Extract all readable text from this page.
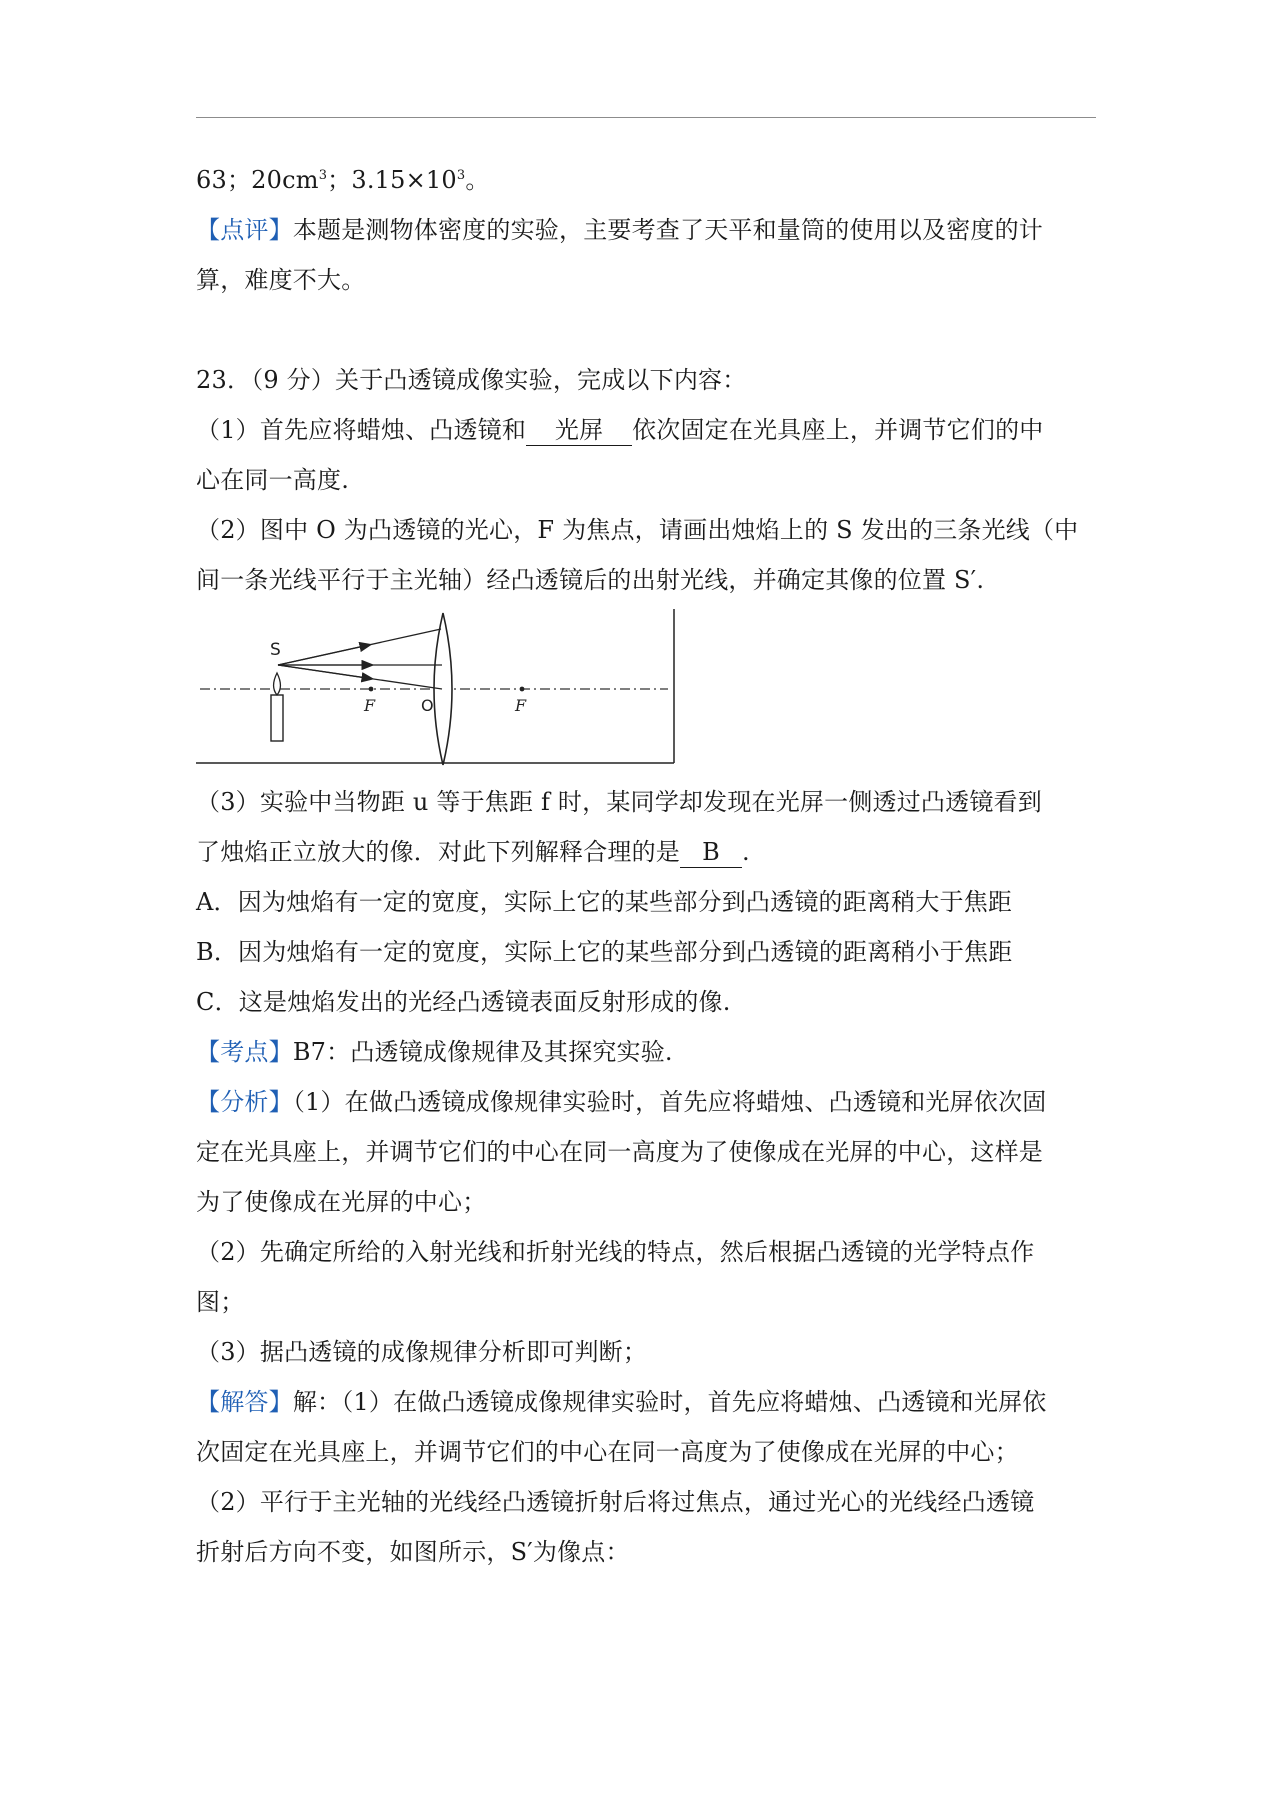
63；$20cm^3$；$3.15\times 10^3$。
【点评】本题是测物体密度的实验，主要考查了天平和量筒的使用以及密度的计
算，难度不大。
23．（9 分）关于凸透镜成像实验，完成以下内容：
（1）首先应将蜡烛、凸透镜和 光屏 依次固定在光具座上，并调节它们的中
心在同一高度.
（2）图中 O 为凸透镜的光心，F 为焦点，请画出烛焰上的 S 发出的三条光线（中
间一条光线平行于主光轴）经凸透镜后的出射光线，并确定其像的位置 S′.
S
F	O	F
（3）实验中当物距 u 等于焦距 f 时，某同学却发现在光屏一侧透过凸透镜看到
了烛焰正立放大的像．对此下列解释合理的是 B .
A．因为烛焰有一定的宽度，实际上它的某些部分到凸透镜的距离稍大于焦距
B．因为烛焰有一定的宽度，实际上它的某些部分到凸透镜的距离稍小于焦距
C．这是烛焰发出的光经凸透镜表面反射形成的像.
【考点】B7：凸透镜成像规律及其探究实验.
【分析】（1）在做凸透镜成像规律实验时，首先应将蜡烛、凸透镜和光屏依次固
定在光具座上，并调节它们的中心在同一高度为了使像成在光屏的中心，这样是
为了使像成在光屏的中心；
（2）先确定所给的入射光线和折射光线的特点，然后根据凸透镜的光学特点作
图；
（3）据凸透镜的成像规律分析即可判断；
【解答】解：（1）在做凸透镜成像规律实验时，首先应将蜡烛、凸透镜和光屏依
次固定在光具座上，并调节它们的中心在同一高度为了使像成在光屏的中心；
（2）平行于主光轴的光线经凸透镜折射后将过焦点，通过光心的光线经凸透镜
折射后方向不变，如图所示，S′为像点：
